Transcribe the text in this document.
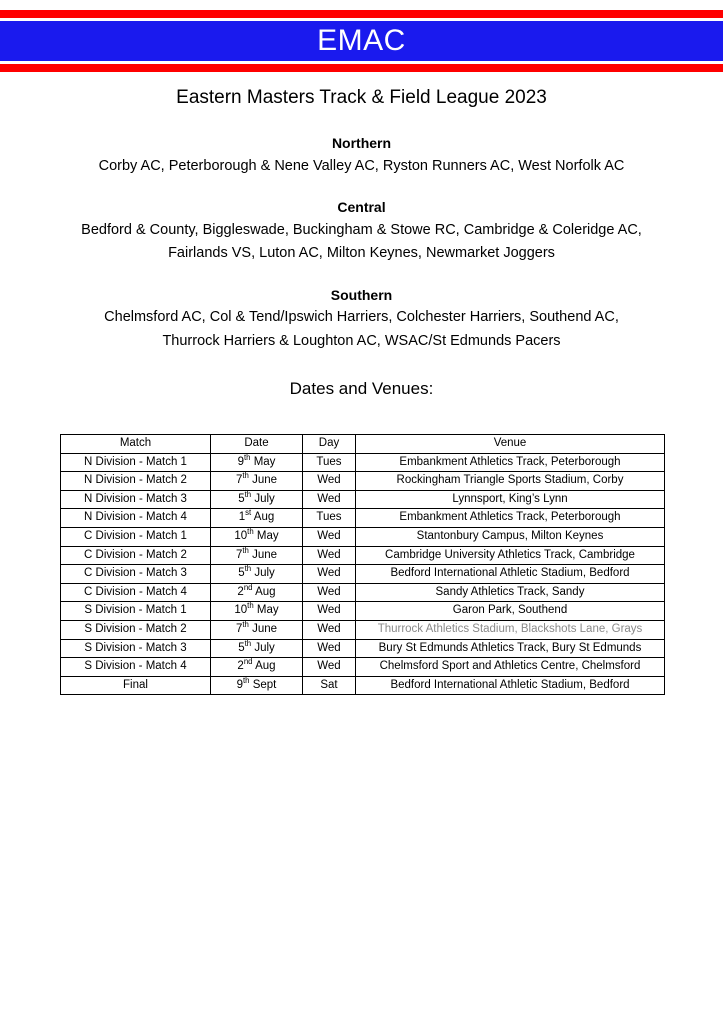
EMAC
Eastern Masters Track & Field League 2023
Northern
Corby AC, Peterborough & Nene Valley AC, Ryston Runners AC, West Norfolk AC
Central
Bedford & County, Biggleswade, Buckingham & Stowe RC, Cambridge & Coleridge AC,
Fairlands VS, Luton AC, Milton Keynes, Newmarket Joggers
Southern
Chelmsford AC, Col & Tend/Ipswich Harriers, Colchester Harriers, Southend AC,
Thurrock Harriers & Loughton AC, WSAC/St Edmunds Pacers
Dates and Venues:
Match	Date	Day	Venue
N Division - Match 1	9th May	Tues	Embankment Athletics Track, Peterborough
N Division - Match 2	7th June	Wed	Rockingham Triangle Sports Stadium, Corby
N Division - Match 3	5th July	Wed	Lynnsport, King’s Lynn
N Division - Match 4	1st Aug	Tues	Embankment Athletics Track, Peterborough
C Division - Match 1	10th May	Wed	Stantonbury Campus, Milton Keynes
C Division - Match 2	7th June	Wed	Cambridge University Athletics Track, Cambridge
C Division - Match 3	5th July	Wed	Bedford International Athletic Stadium, Bedford
C Division - Match 4	2nd Aug	Wed	Sandy Athletics Track, Sandy
S Division - Match 1	10th May	Wed	Garon Park, Southend
S Division - Match 2	7th June	Wed	Thurrock Athletics Stadium, Blackshots Lane, Grays
S Division - Match 3	5th July	Wed	Bury St Edmunds Athletics Track, Bury St Edmunds
S Division - Match 4	2nd Aug	Wed	Chelmsford Sport and Athletics Centre, Chelmsford
Final	9th Sept	Sat	Bedford International Athletic Stadium, Bedford
